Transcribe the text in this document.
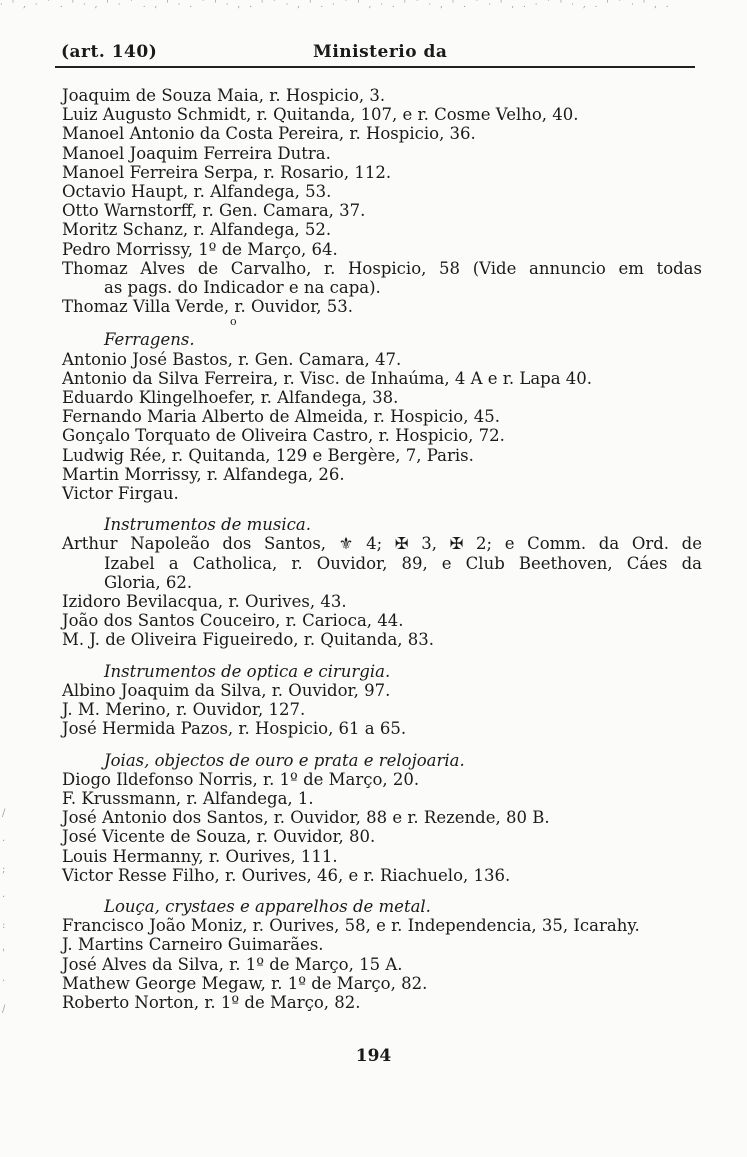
· ' , · ` . ' · , ' · ` . , ' · . ` ' · , . ' ` · , ' . · ` ' , · . ' ` · , ' . ` · ' , . · ` ' · , . ' ` · ' , .
(art. 140)	Ministerio da
Joaquim de Souza Maia, r. Hospicio, 3.
Luiz Augusto Schmidt, r. Quitanda, 107, e r. Cosme Velho, 40.
Manoel Antonio da Costa Pereira, r. Hospicio, 36.
Manoel Joaquim Ferreira Dutra.
Manoel Ferreira Serpa, r. Rosario, 112.
Octavio Haupt, r. Alfandega, 53.
Otto Warnstorff, r. Gen. Camara, 37.
Moritz Schanz, r. Alfandega, 52.
Pedro Morrissy, 1º de Março, 64.
Thomaz Alves de Carvalho, r. Hospicio, 58 (Vide annuncio em todas
as pags. do Indicador e na capa).
Thomaz Villa Verde, r. Ouvidor, 53.
o
Ferragens.
Antonio José Bastos, r. Gen. Camara, 47.
Antonio da Silva Ferreira, r. Visc. de Inhaúma, 4 A e r. Lapa 40.
Eduardo Klingelhoefer, r. Alfandega, 38.
Fernando Maria Alberto de Almeida, r. Hospicio, 45.
Gonçalo Torquato de Oliveira Castro, r. Hospicio, 72.
Ludwig Rée, r. Quitanda, 129 e Bergère, 7, Paris.
Martin Morrissy, r. Alfandega, 26.
Victor Firgau.
Instrumentos de musica.
Arthur Napoleão dos Santos, ⚜ 4; ✠ 3, ✠ 2; e Comm. da Ord. de
Izabel a Catholica, r. Ouvidor, 89, e Club Beethoven, Cáes da
Gloria, 62.
Izidoro Bevilacqua, r. Ourives, 43.
João dos Santos Couceiro, r. Carioca, 44.
M. J. de Oliveira Figueiredo, r. Quitanda, 83.
Instrumentos de optica e cirurgia.
Albino Joaquim da Silva, r. Ouvidor, 97.
J. M. Merino, r. Ouvidor, 127.
José Hermida Pazos, r. Hospicio, 61 a 65.
Joias, objectos de ouro e prata e relojoaria.
Diogo Ildefonso Norris, r. 1º de Março, 20.
F. Krussmann, r. Alfandega, 1.
José Antonio dos Santos, r. Ouvidor, 88 e r. Rezende, 80 B.
José Vicente de Souza, r. Ouvidor, 80.
Louis Hermanny, r. Ourives, 111.
Victor Resse Filho, r. Ourives, 46, e r. Riachuelo, 136.
Louça, crystaes e apparelhos de metal.
Francisco João Moniz, r. Ourives, 58, e r. Independencia, 35, Icarahy.
J. Martins Carneiro Guimarães.
José Alves da Silva, r. 1º de Março, 15 A.
Mathew George Megaw, r. 1º de Março, 82.
Roberto Norton, r. 1º de Março, 82.
/
·
;
·
:
'
·
/
194
